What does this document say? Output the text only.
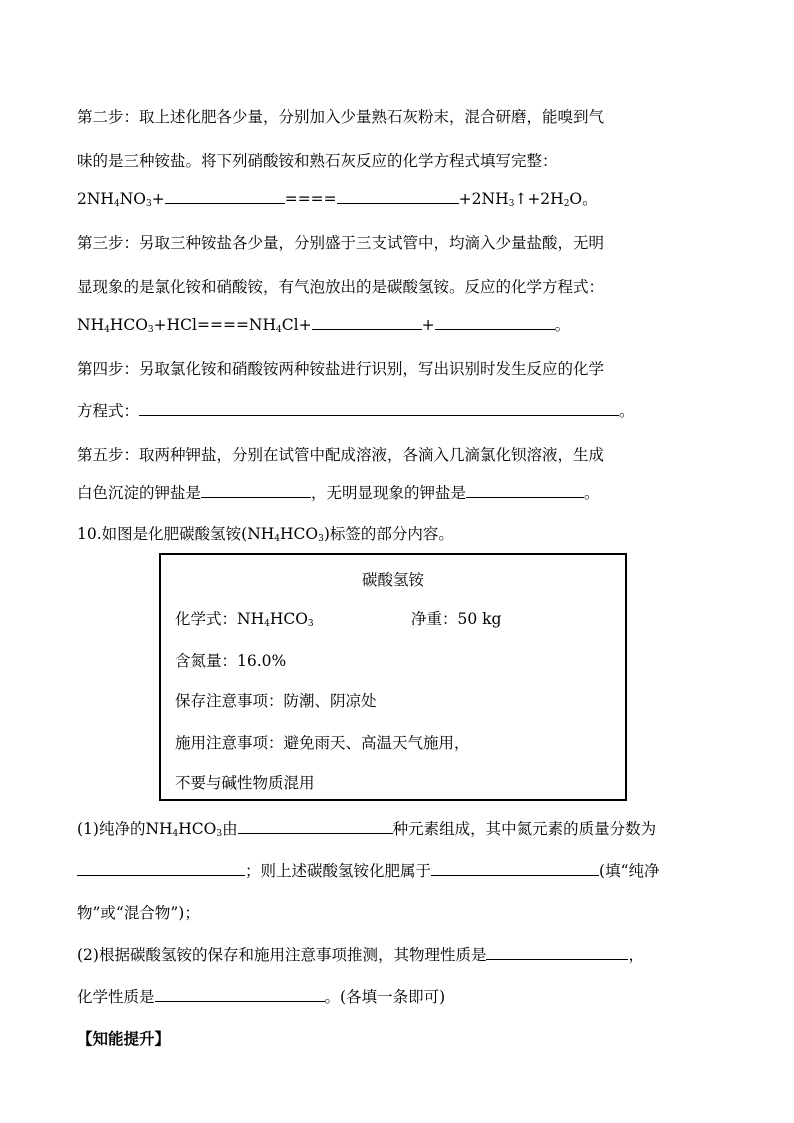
第二步：取上述化肥各少量，分别加入少量熟石灰粉末，混合研磨，能嗅到气
味的是三种铵盐。将下列硝酸铵和熟石灰反应的化学方程式填写完整：
$2NH_4NO_3+$	====	$+2NH_3↑+2H_2O$。
第三步：另取三种铵盐各少量，分别盛于三支试管中，均滴入少量盐酸，无明
显现象的是氯化铵和硝酸铵，有气泡放出的是碳酸氢铵。反应的化学方程式：
$NH_4HCO_3+HCl====NH_4Cl+$	+	。
第四步：另取氯化铵和硝酸铵两种铵盐进行识别，写出识别时发生反应的化学
方程式：	。
第五步：取两种钾盐，分别在试管中配成溶液，各滴入几滴氯化钡溶液，生成
白色沉淀的钾盐是	，无明显现象的钾盐是	。
10.如图是化肥碳酸氢铵$(NH_4HCO_3)$标签的部分内容。
碳酸氢铵
化学式：$NH_4HCO_3$	净重：50 kg
含氮量：16.0%
保存注意事项：防潮、阴凉处
施用注意事项：避免雨天、高温天气施用，
不要与碱性物质混用
(1)纯净的$NH_4HCO_3$由	种元素组成，其中氮元素的质量分数为
；则上述碳酸氢铵化肥属于	(填“纯净
物”或“混合物”)；
(2)根据碳酸氢铵的保存和施用注意事项推测，其物理性质是	，
化学性质是	。(各填一条即可)
【知能提升】
